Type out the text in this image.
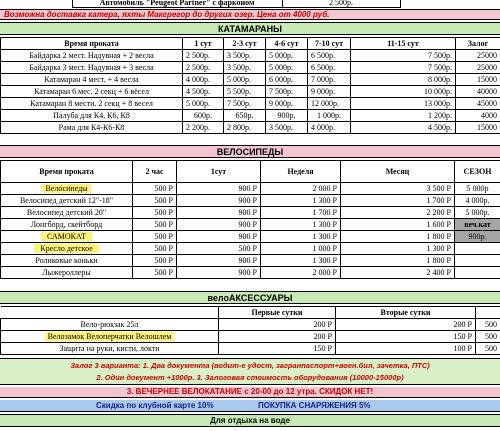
	Автомобиль "Peugeot Partner" с фарконом	2 500р.	
Возможна доставка катера, яхты Макгрегор до других озер. Цена от 4000 руб.
КАТАМАРАНЫ
Время проката	1 сут	2-3 сут	4-6 сут	7-10 сут	11-15 сут	Залог
Байдарка 2 мест. Надувная + 2 весла	2 500р.	3 500р.	5 000р.	6 500р.	7 500р.	25000
Байдарка 3 мест. Надувная + 3 весла	2 500р.	3 500р.	5 000р.	6 500р.	7 500р.	25000
Катамаран 4 мест. + 4 весла	4 000р.	5 000р.	6 000р.	7 000р.	8 000р.	15000
Катамаран 6 мес. 2 секц + 6 вёсел	4 500р.	5 500р.	7 500р.	9 000р.	10 000р.	40000
Катамаран 8 мести. 2 секц + 8 весел	5 000р.	7 500р.	9 000р.	12 000р.	13 000р.	45000
Палуба для К4, К6, К8	600р.	650р.	900р.	1 000р.	1 200р.	4000
Рама для К4-К6-К8	2 200р.	2 800р.	3 500р.	4 000р.	4 500р.	15000
ВЕЛОСИПЕДЫ
Время проката	2 час	1сут	Неделя	Месяц	СЕЗОН
Велосипеды	500 Р	900 Р	2 000 Р	3 500 Р	5 000р
Велосипед детский 12"-18"	500 Р	900 Р	1 300 Р	1 700 Р	4 000р.
Велосипед детский 20"	500 Р	900 Р	1 700 Р	2 200 Р	5 000р.
Лонгборд, скейтборд	500 Р	900 Р	1 300 Р	1 600 Р	веч.кат
САМОКАТ	500 Р	900 Р	1 300 Р	1 800 Р	900р.
Кресло детское	500 Р	500 Р	1 000 Р	1 300 Р	
Роликовые коньки	500 Р	900 Р	1 300 Р	1 800 Р	
Лыжероллеры	500 Р	900 Р	2 000 Р	2 400 Р	
велоАКСЕССУАРЫ
	Первые сутки	Вторые сутки	
Вело-рюкзак 25л	200 Р	200 Р	500
Велозамок Велоперчатки Велошлем	200 Р	150 Р	500
Защита на руки, кисти, локти	150 Р	100 Р	500
Залог 3 варианта: 1. Два документа (водит-е удост, загранпаспорт+воен.бил, зачетка, ПТС)
2. Один документ +1000р. 3. Залоговая стоимость оборудования (10000-15000р)
3. ВЕЧЕРНЕЕ ВЕЛОКАТАНИЕ с 20-00 до 12 утра. СКИДОК НЕТ!
Скидка по клубной карте 10%	ПОКУПКА СНАРЯЖЕНИЯ 5%
Для отдыха на воде
